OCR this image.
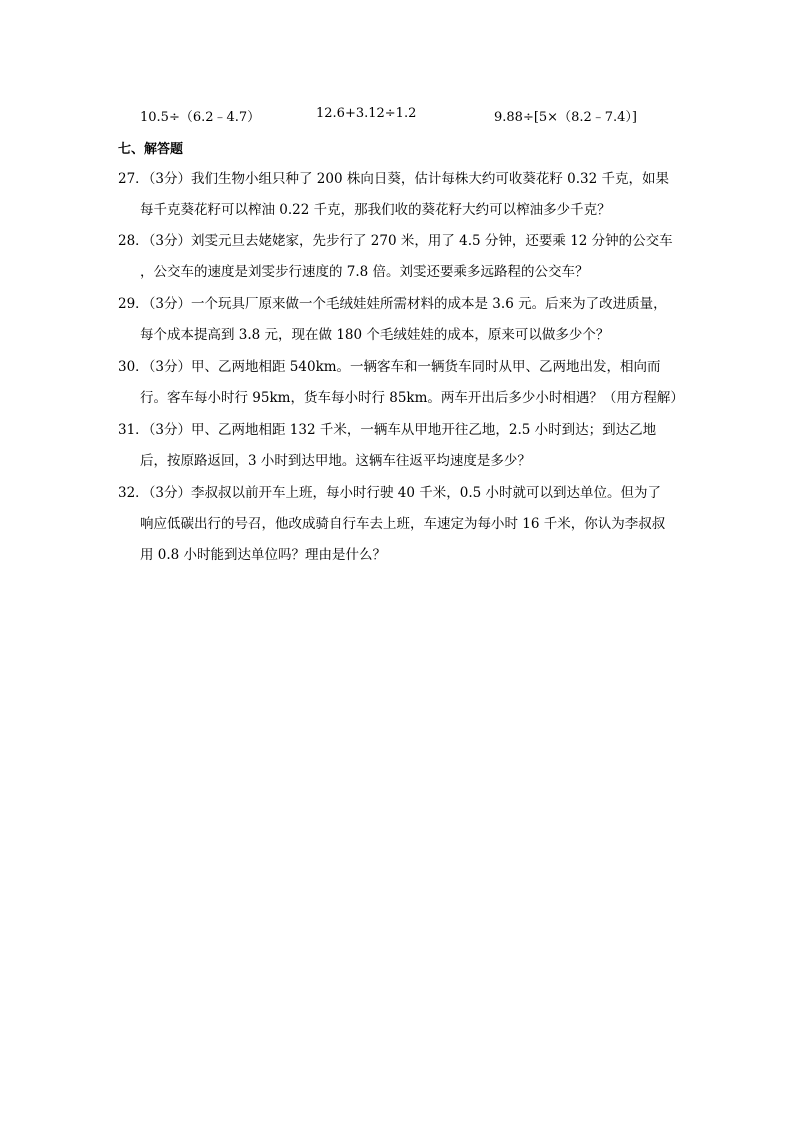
10.5÷（6.2﹣4.7）	12.6+3.12÷1.2	9.88÷[5×（8.2﹣7.4）]
七、解答题
27．（3分）我们生物小组只种了 200 株向日葵，估计每株大约可收葵花籽 0.32 千克，如果
每千克葵花籽可以榨油 0.22 千克，那我们收的葵花籽大约可以榨油多少千克？
28．（3分）刘雯元旦去姥姥家，先步行了 270 米，用了 4.5 分钟，还要乘 12 分钟的公交车
，公交车的速度是刘雯步行速度的 7.8 倍。刘雯还要乘多远路程的公交车？
29．（3分）一个玩具厂原来做一个毛绒娃娃所需材料的成本是 3.6 元。后来为了改进质量，
每个成本提高到 3.8 元，现在做 180 个毛绒娃娃的成本，原来可以做多少个？
30．（3分）甲、乙两地相距 540km。一辆客车和一辆货车同时从甲、乙两地出发，相向而
行。客车每小时行 95km，货车每小时行 85km。两车开出后多少小时相遇？（用方程解）
31．（3分）甲、乙两地相距 132 千米，一辆车从甲地开往乙地，2.5 小时到达；到达乙地
后，按原路返回，3 小时到达甲地。这辆车往返平均速度是多少？
32．（3分）李叔叔以前开车上班，每小时行驶 40 千米，0.5 小时就可以到达单位。但为了
响应低碳出行的号召，他改成骑自行车去上班，车速定为每小时 16 千米，你认为李叔叔
用 0.8 小时能到达单位吗？理由是什么？
